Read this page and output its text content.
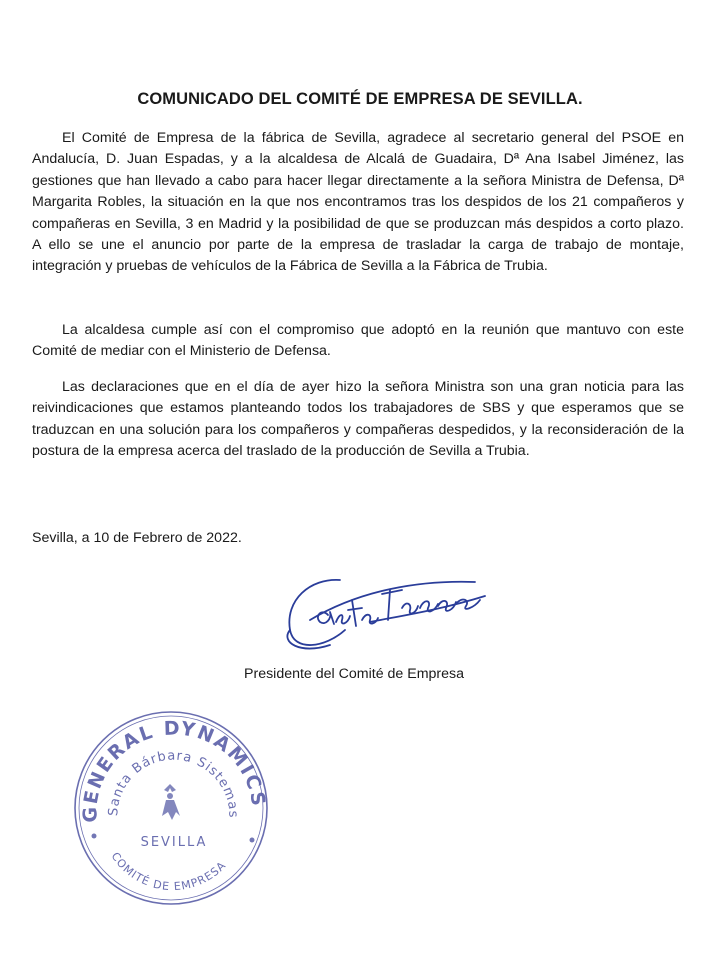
COMUNICADO DEL COMITÉ DE EMPRESA DE SEVILLA.

El Comité de Empresa de la fábrica de Sevilla, agradece al secretario general del PSOE en Andalucía, D. Juan Espadas, y a la alcaldesa de Alcalá de Guadaira, Dª Ana Isabel Jiménez, las gestiones que han llevado a cabo para hacer llegar directamente a la señora Ministra de Defensa, Dª Margarita Robles, la situación en la que nos encontramos tras los despidos de los 21 compañeros y compañeras en Sevilla, 3 en Madrid y la posibilidad de que se produzcan más despidos a corto plazo. A ello se une el anuncio por parte de la empresa de trasladar la carga de trabajo de montaje, integración y pruebas de vehículos de la Fábrica de Sevilla a la Fábrica de Trubia.

La alcaldesa cumple así con el compromiso que adoptó en la reunión que mantuvo con este Comité de mediar con el Ministerio de Defensa.

Las declaraciones que en el día de ayer hizo la señora Ministra son una gran noticia para las reivindicaciones que estamos planteando todos los trabajadores de SBS y que esperamos que se traduzcan en una solución para los compañeros y compañeras despedidos, y la reconsideración de la postura de la empresa acerca del traslado de la producción de Sevilla a Trubia.

Sevilla, a 10 de Febrero de 2022.
Presidente del Comité de Empresa
GENERAL DYNAMICS
Santa Bárbara Sistemas
SEVILLA
COMITÉ DE EMPRESA
